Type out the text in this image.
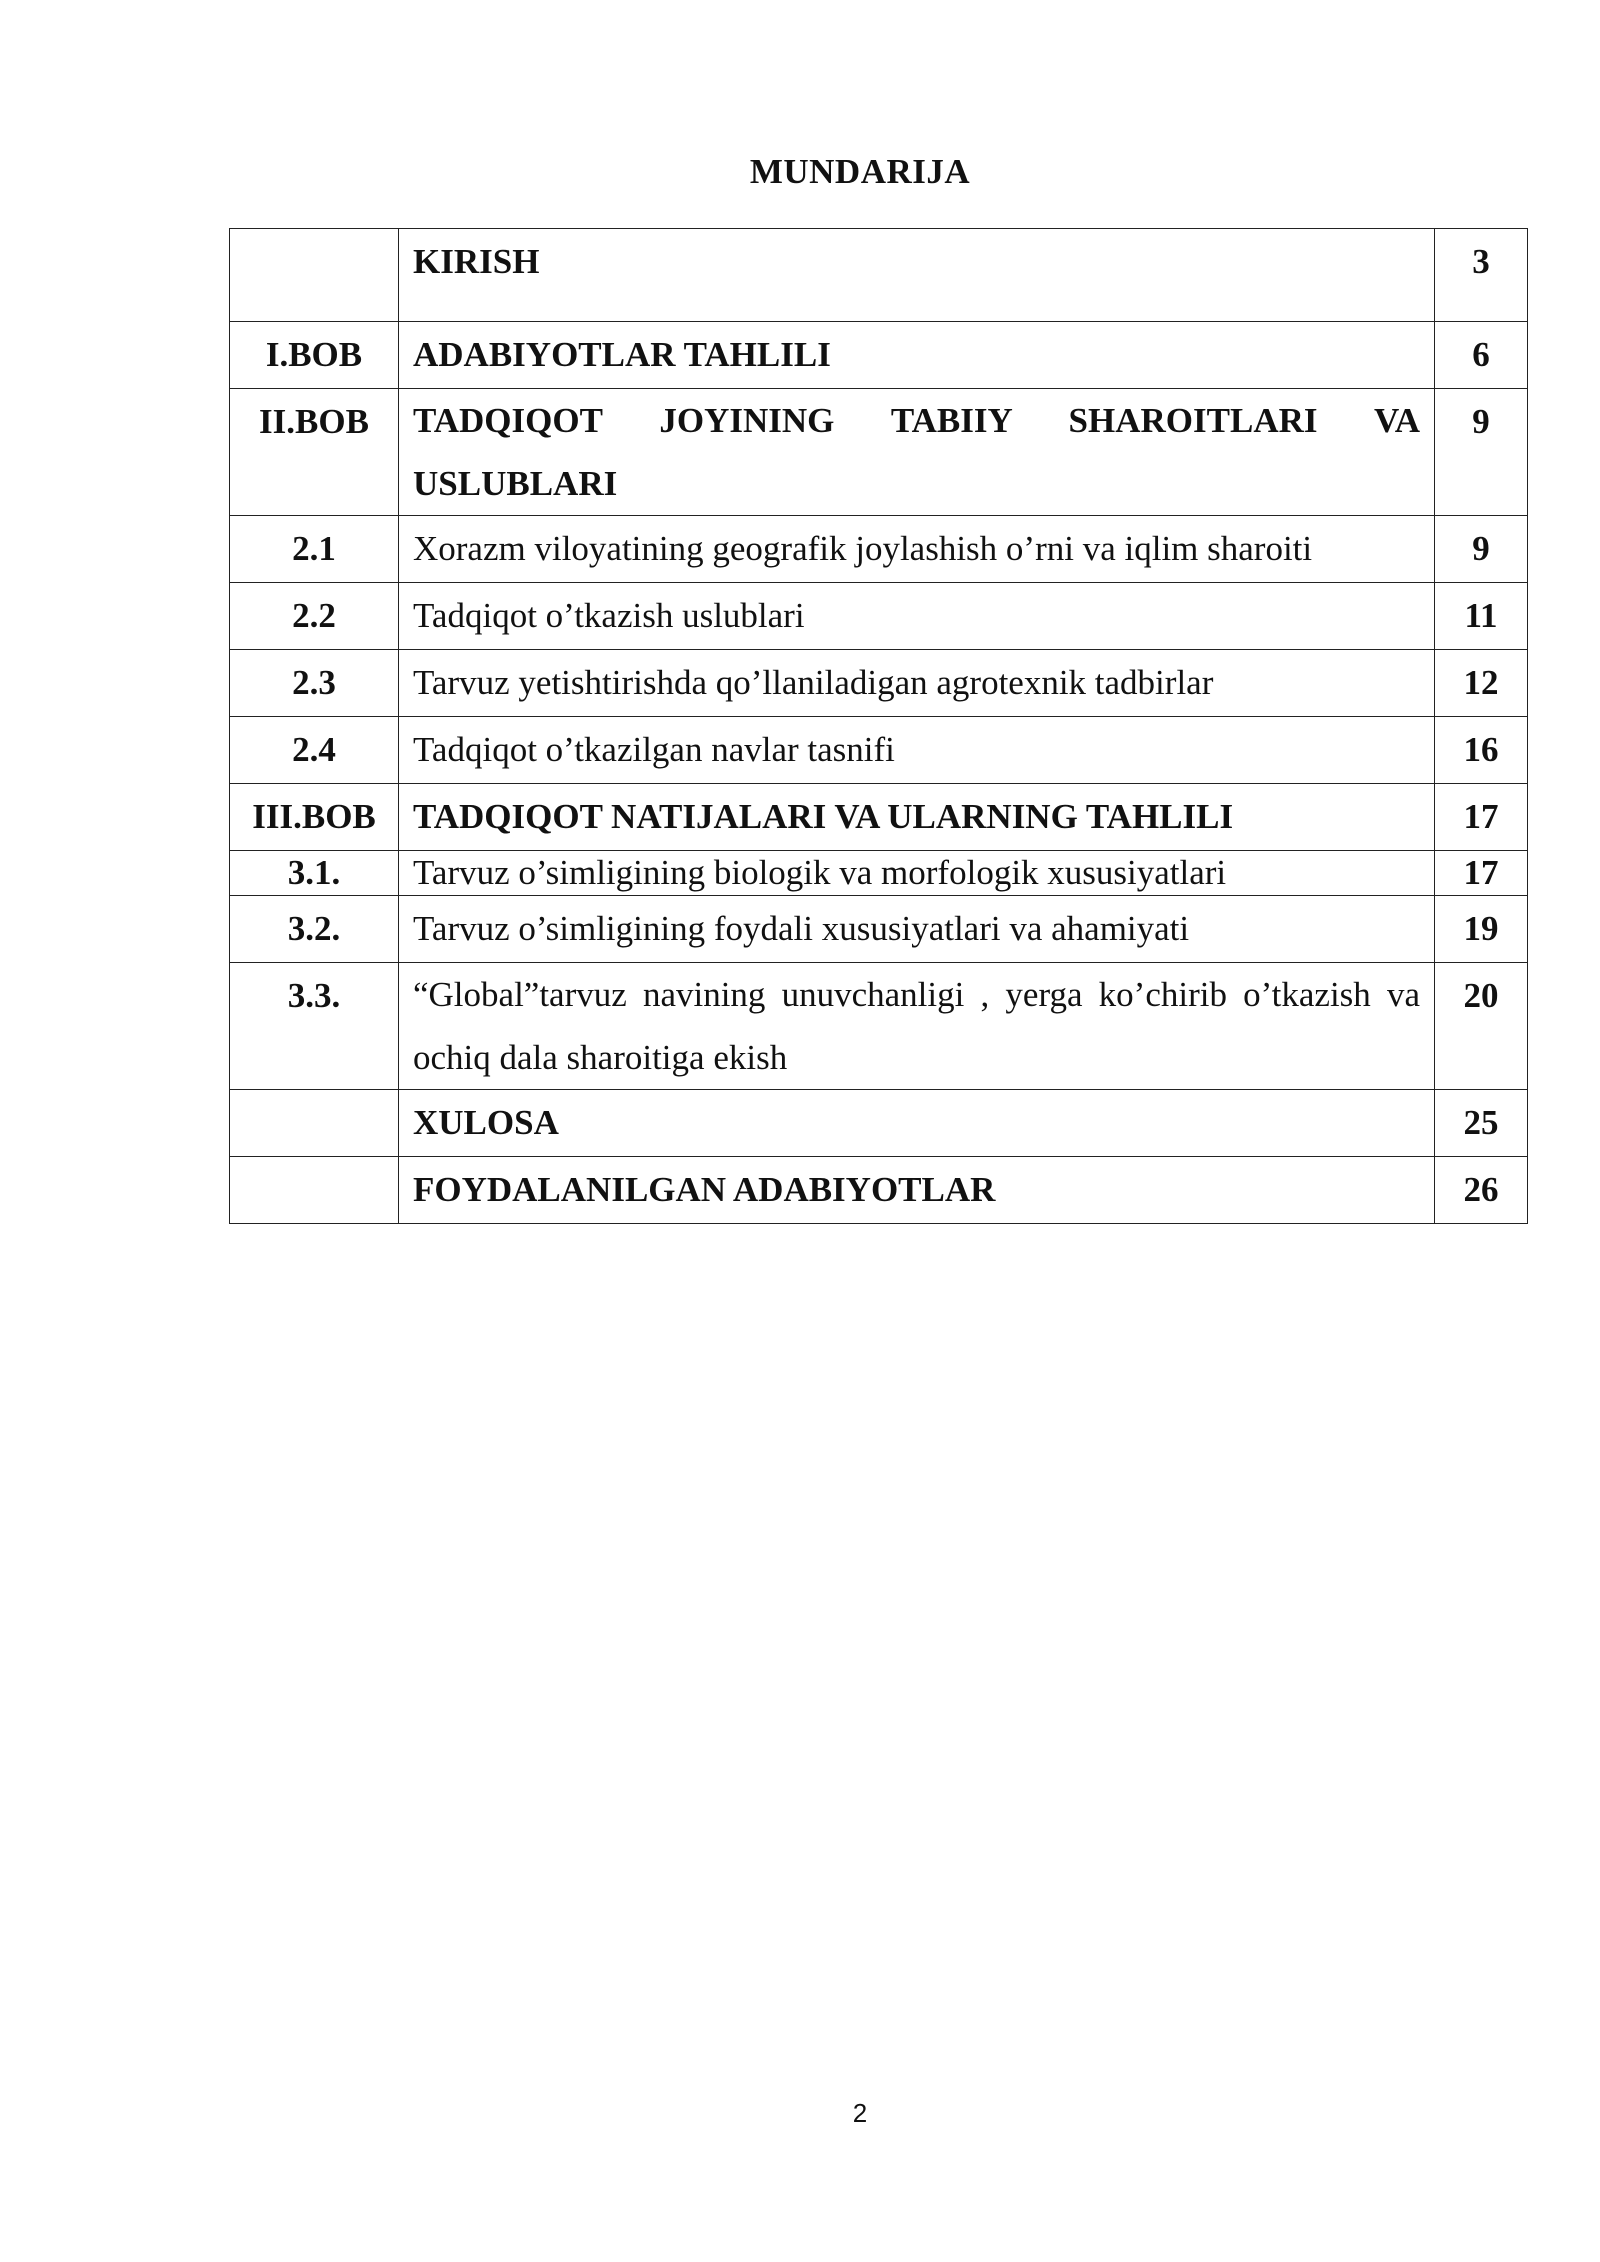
MUNDARIJA
	KIRISH	3
I.BOB	ADABIYOTLAR TAHLILI	6
II.BOB	TADQIQOT JOYINING TABIIY SHAROITLARI VA USLUBLARI	9
2.1	Xorazm viloyatining geografik joylashish o’rni va iqlim sharoiti	9
2.2	Tadqiqot o’tkazish uslublari	11
2.3	Tarvuz yetishtirishda qo’llaniladigan agrotexnik tadbirlar	12
2.4	Tadqiqot o’tkazilgan navlar tasnifi	16
III.BOB	TADQIQOT NATIJALARI VA ULARNING TAHLILI	17
3.1.	Tarvuz o’simligining biologik va morfologik xususiyatlari	17
3.2.	Tarvuz o’simligining foydali xususiyatlari va ahamiyati	19
3.3.	“Global”tarvuz navining unuvchanligi , yerga ko’chirib o’tkazish va ochiq dala sharoitiga ekish	20
	XULOSA	25
	FOYDALANILGAN ADABIYOTLAR	26
2
